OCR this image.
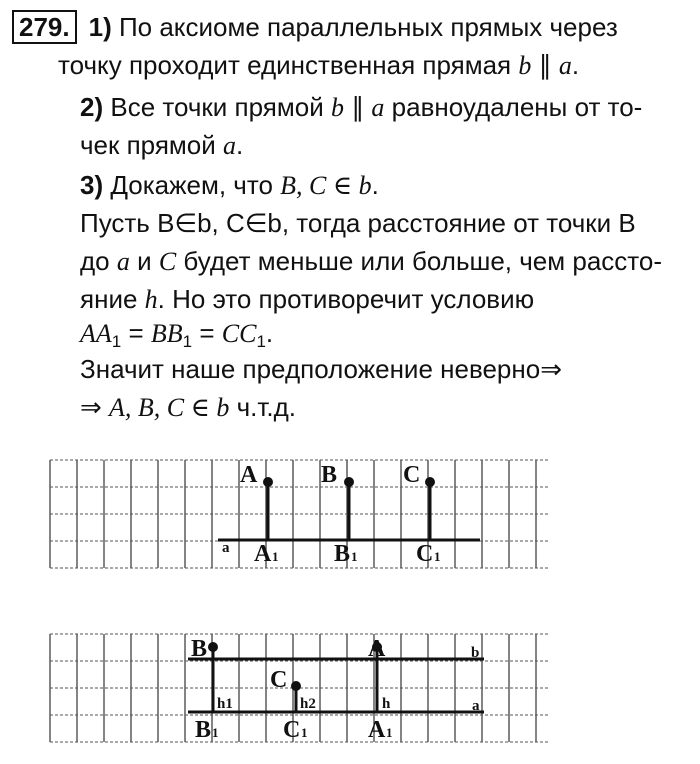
279. 1) По аксиоме параллельных прямых через
точку проходит единственная прямая b ∥ a.
2) Все точки прямой b ∥ a равноудалены от то-
чек прямой a.
3) Докажем, что B, C ∈ b.
Пусть B∈b, C∈b, тогда расстояние от точки B
до a и C будет меньше или больше, чем рассто-
яние h. Но это противоречит условию
$AA_1 = BB_1 = CC_1$.
Значит наше предположение неверно⇒
⇒ A, B, C ∈ b ч.т.д.
A	B	C
a A 1 B 1 C 1
B	A
C
b
a
h1	h2	h
B 1	C 1	A 1
